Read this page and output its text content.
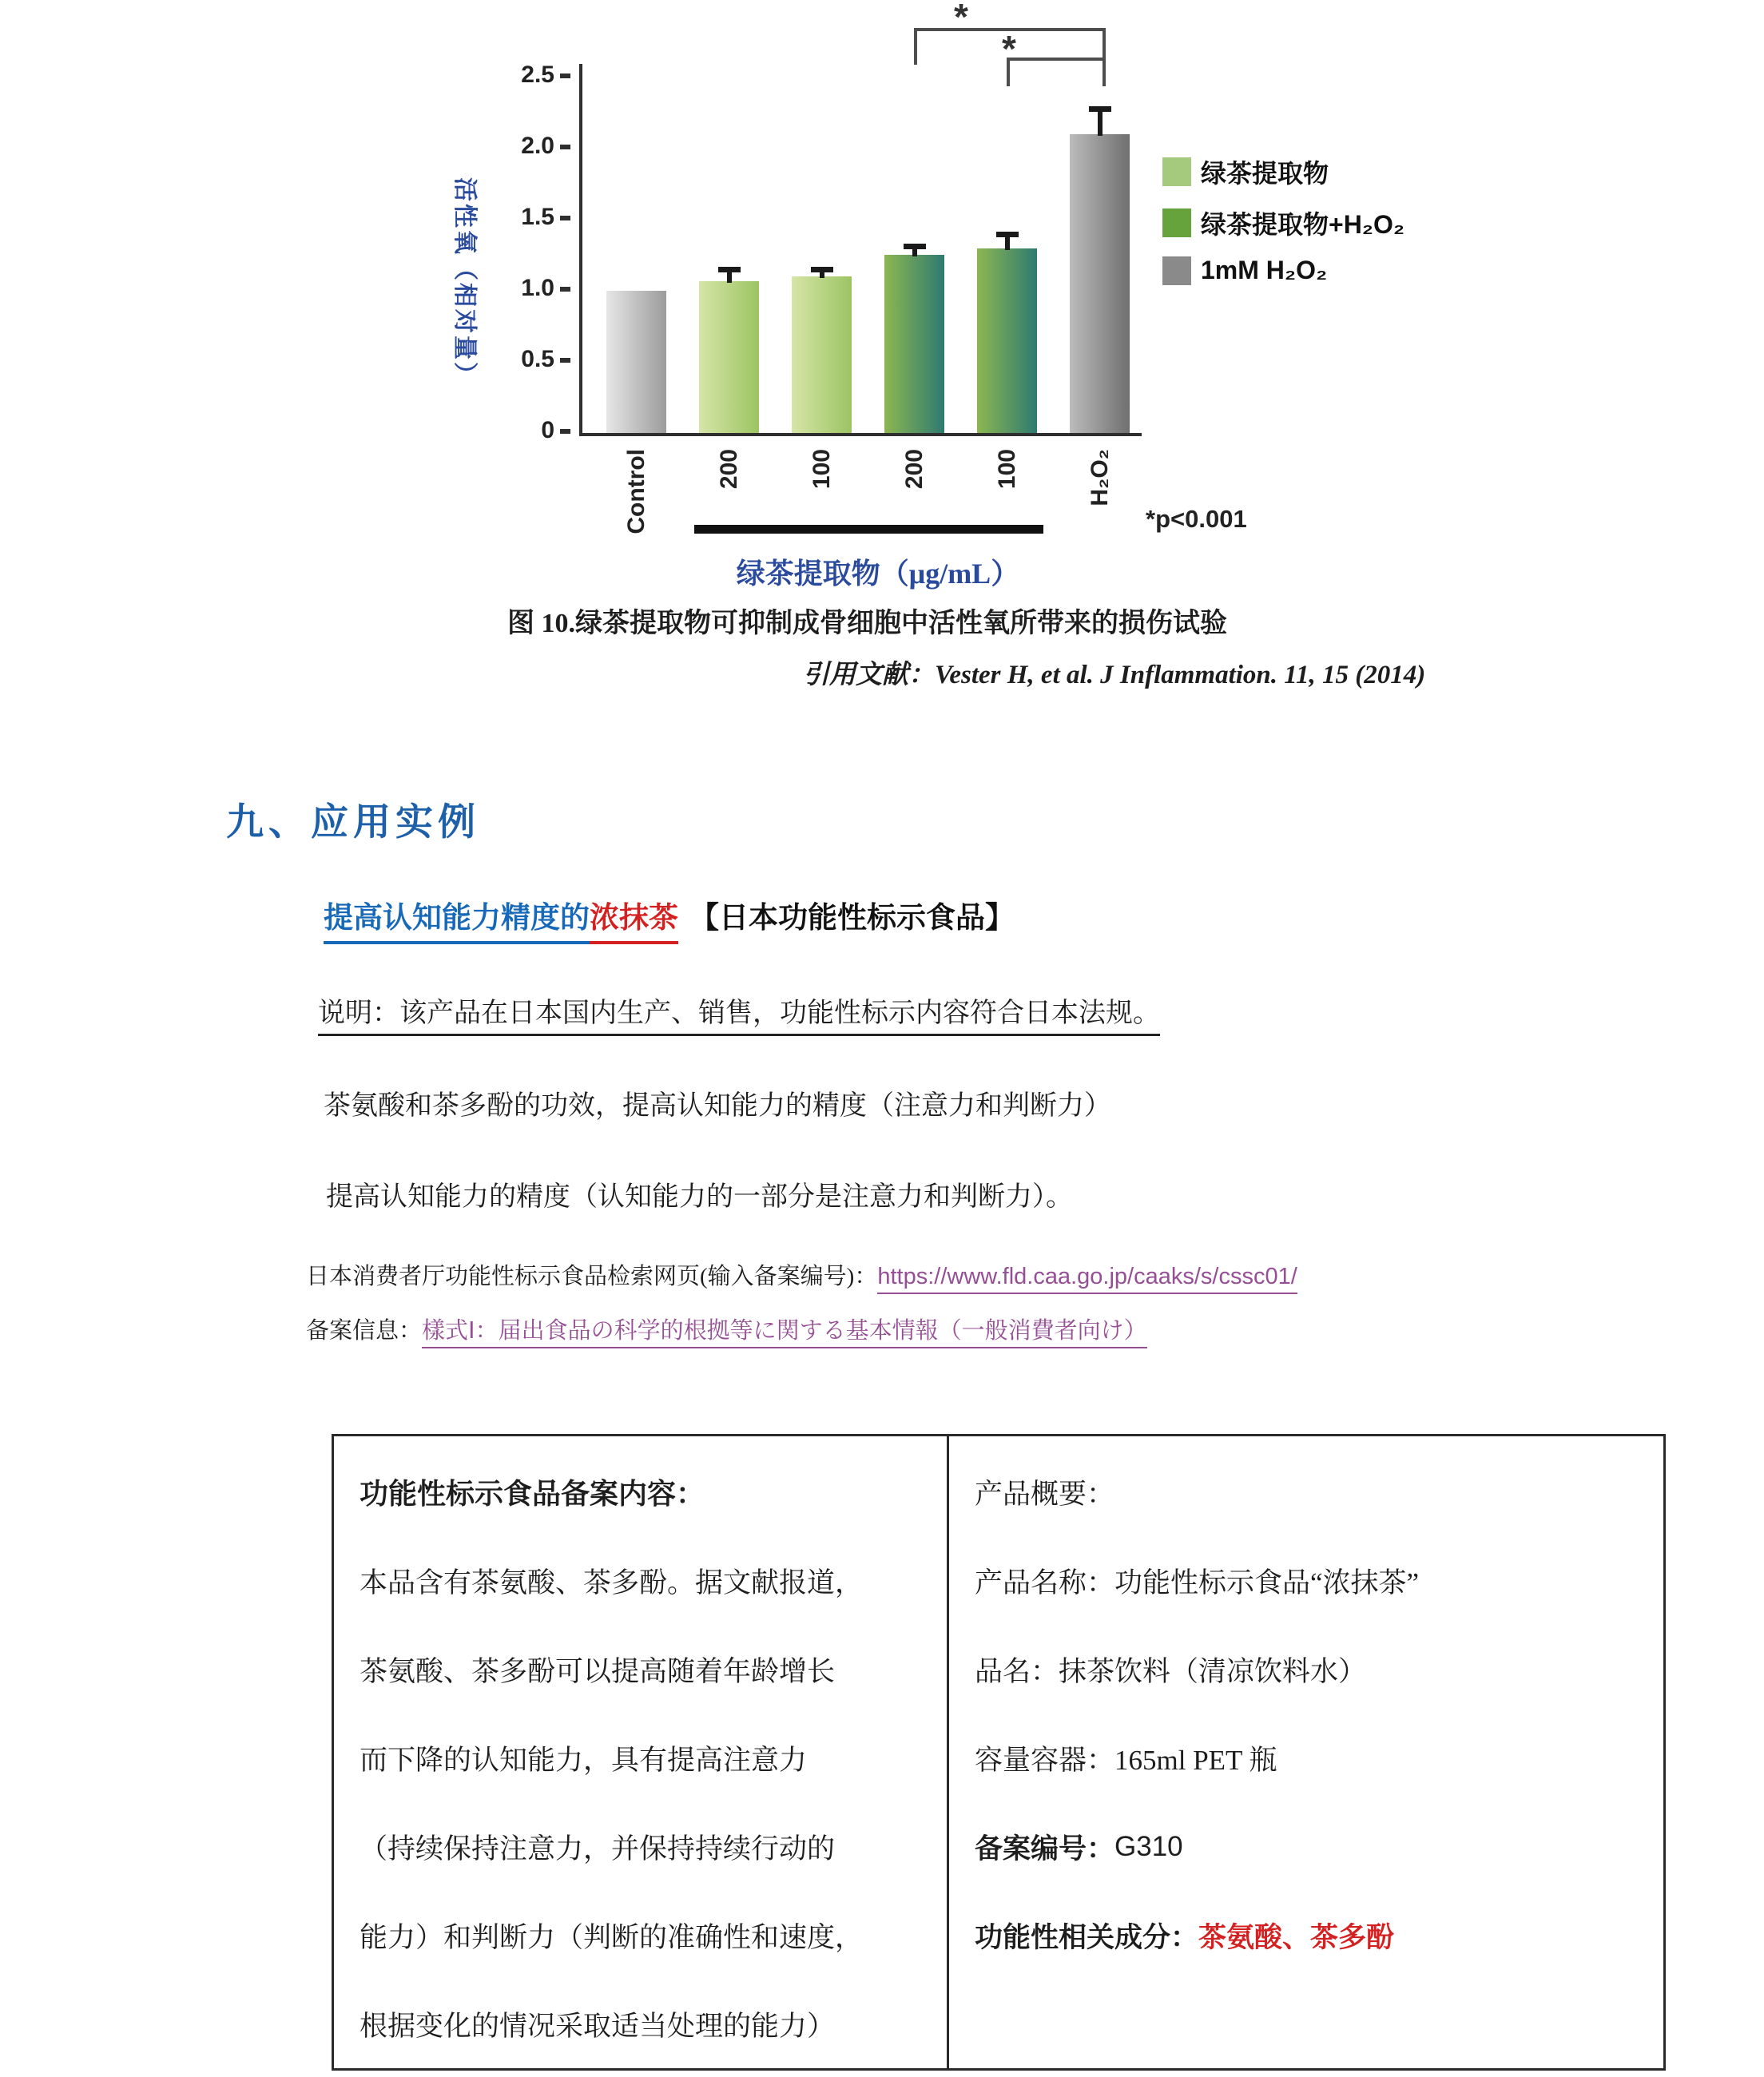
活性氧（相对量）
2.5
2.0
1.5
1.0
0.5
0
*
*
绿茶提取物（μg/mL）
*p<0.001
Control	200	100	200	100	H₂O₂
绿茶提取物
绿茶提取物+H₂O₂
1mM H₂O₂
图 10.绿茶提取物可抑制成骨细胞中活性氧所带来的损伤试验
引用文献：Vester H, et al. J Inflammation. 11, 15 (2014)
九、应用实例
提高认知能力精度的浓抹茶 【日本功能性标示食品】
说明：该产品在日本国内生产、销售，功能性标示内容符合日本法规。
茶氨酸和茶多酚的功效，提高认知能力的精度（注意力和判断力）
提高认知能力的精度（认知能力的一部分是注意力和判断力）。
日本消费者厅功能性标示食品检索网页(输入备案编号)：https://www.fld.caa.go.jp/caaks/s/cssc01/
备案信息：樣式Ⅰ：届出食品の科学的根拠等に関する基本情報（一般消費者向け）

功能性标示食品备案内容：

本品含有茶氨酸、茶多酚。据文献报道，

茶氨酸、茶多酚可以提高随着年龄增长

而下降的认知能力，具有提高注意力

（持续保持注意力，并保持持续行动的

能力）和判断力（判断的准确性和速度，

根据变化的情况采取适当处理的能力）

产品概要：

产品名称：功能性标示食品“浓抹茶”

品名：抹茶饮料（清凉饮料水）

容量容器：165ml PET 瓶

备案编号： G310

功能性相关成分： 茶氨酸、茶多酚
